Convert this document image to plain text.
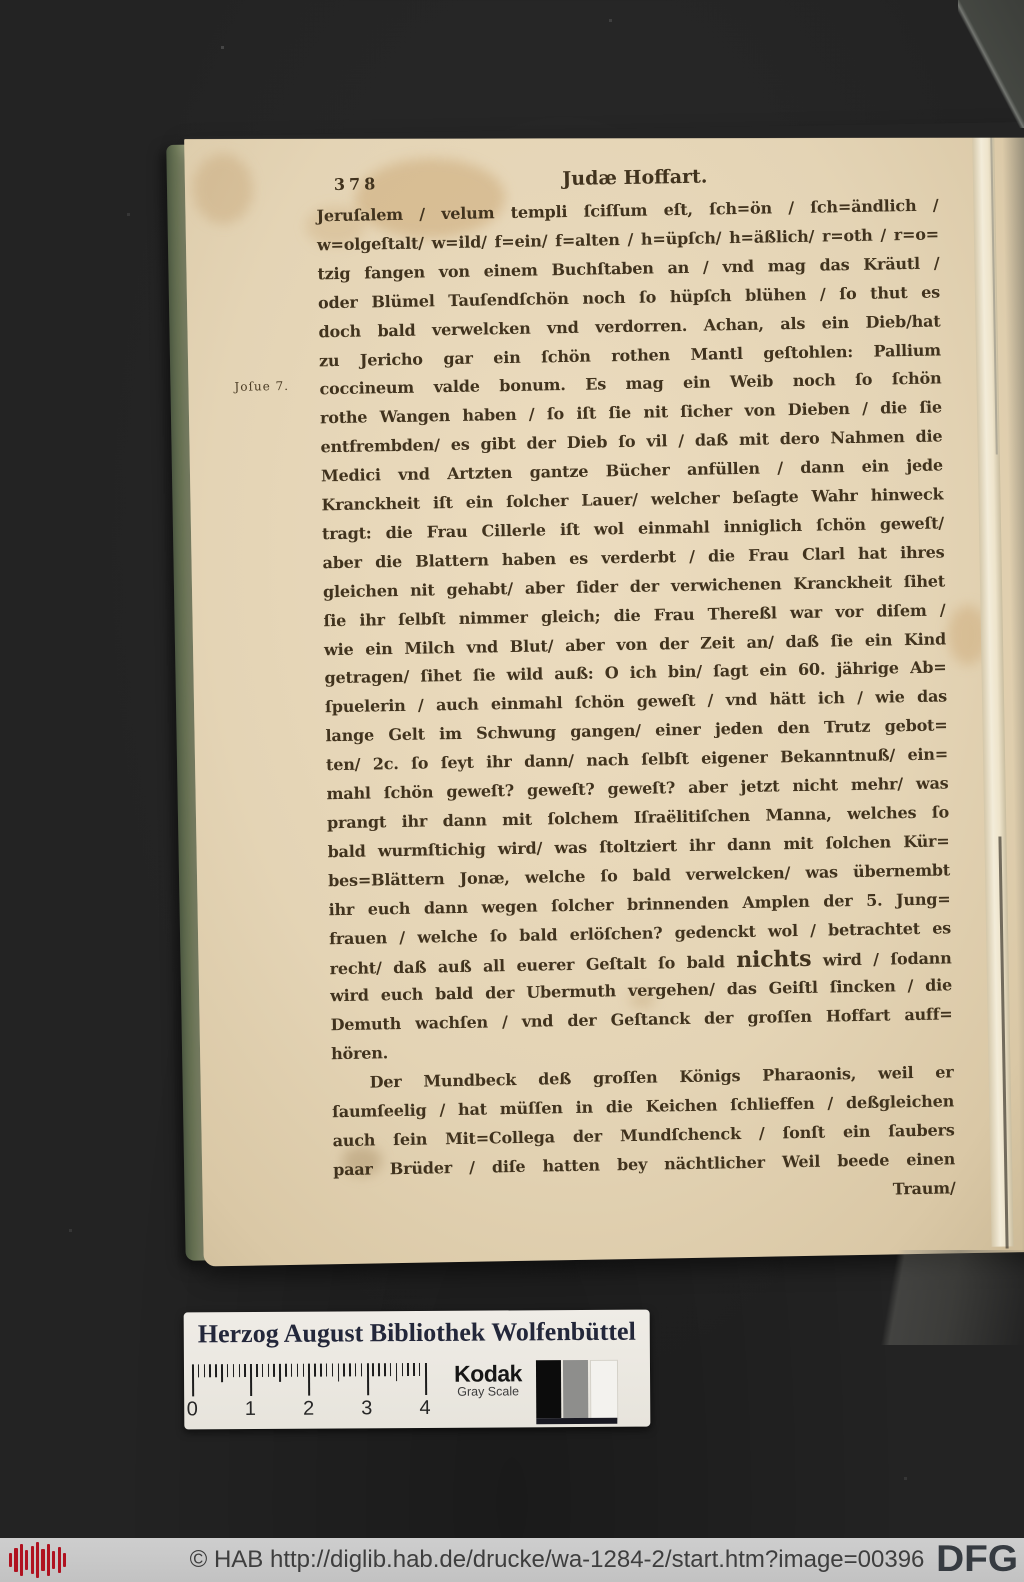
378	Judæ Hoffart.
Joſue 7.
Jeruſalem / velum templi ſciſſum eſt, ſch=ön / ſch=ändlich /
w=olgeſtalt/ w=ild/ f=ein/ f=alten / h=üpſch/ h=äßlich/ r=oth / r=o=
tzig fangen von einem Buchſtaben an / vnd mag das Kräutl /
oder Blümel Tauſendſchön noch ſo hüpſch blühen / ſo thut es
doch bald verwelcken vnd verdorren. Achan, als ein Dieb/hat
zu Jericho gar ein ſchön rothen Mantl geſtohlen: Pallium
coccineum valde bonum. Es mag ein Weib noch ſo ſchön
rothe Wangen haben / ſo iſt ſie nit ſicher von Dieben / die ſie
entfrembden/ es gibt der Dieb ſo vil / daß mit dero Nahmen die
Medici vnd Artzten gantze Bücher anfüllen / dann ein jede
Kranckheit iſt ein ſolcher Lauer/ welcher beſagte Wahr hinweck
tragt: die Frau Cillerle iſt wol einmahl inniglich ſchön geweſt/
aber die Blattern haben es verderbt / die Frau Clarl hat ihres
gleichen nit gehabt/ aber ſider der verwichenen Kranckheit ſihet
ſie ihr ſelbſt nimmer gleich; die Frau Thereßl war vor diſem /
wie ein Milch vnd Blut/ aber von der Zeit an/ daß ſie ein Kind
getragen/ ſihet ſie wild auß: O ich bin/ ſagt ein 60. jährige Ab=
ſpuelerin / auch einmahl ſchön geweſt / vnd hätt ich / wie das
lange Gelt im Schwung gangen/ einer jeden den Trutz gebot=
ten/ 2c. ſo ſeyt ihr dann/ nach ſelbſt eigener Bekanntnuß/ ein=
mahl ſchön geweſt? geweſt? geweſt? aber jetzt nicht mehr/ was
prangt ihr dann mit ſolchem Iſraëlitiſchen Manna, welches ſo
bald wurmſtichig wird/ was ſtoltziert ihr dann mit ſolchen Kür=
bes=Blättern Jonæ, welche ſo bald verwelcken/ was übernembt
ihr euch dann wegen ſolcher brinnenden Amplen der 5. Jung=
frauen / welche ſo bald erlöſchen? gedenckt wol / betrachtet es
recht/ daß auß all euerer Geſtalt ſo bald nichts wird / ſodann
wird euch bald der Ubermuth vergehen/ das Geiſtl ſincken / die
Demuth wachſen / vnd der Geſtanck der groſſen Hoffart auff=
hören.
Der Mundbeck deß groſſen Königs Pharaonis, weil er
ſaumſeelig / hat müſſen in die Keichen ſchlieffen / deßgleichen
auch ſein Mit=Collega der Mundſchenck / ſonſt ein ſaubers
paar Brüder / diſe hatten bey nächtlicher Weil beede einen
Traum/
Herzog August Bibliothek Wolfenbüttel
0 1 2 3 4
Kodak
Gray Scale
© HAB http://diglib.hab.de/drucke/wa-1284-2/start.htm?image=00396 DFG
